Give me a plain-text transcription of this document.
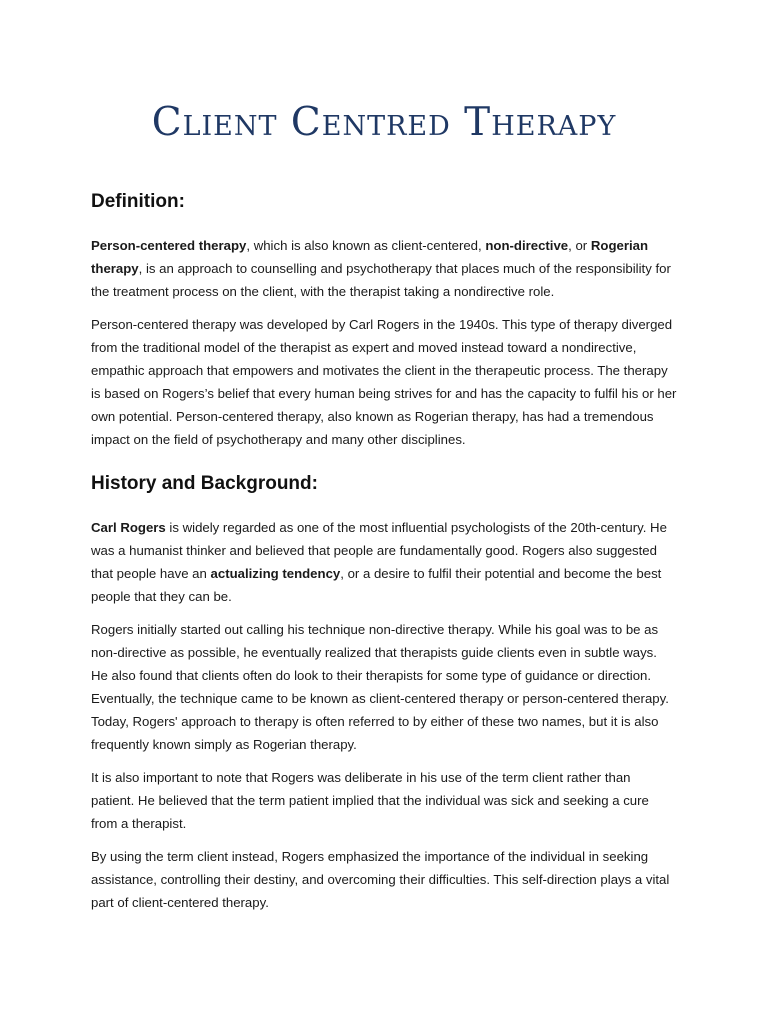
Client Centred Therapy
Definition:

Person-centered therapy, which is also known as client-centered, non-directive, or Rogerian therapy, is an approach to counselling and psychotherapy that places much of the responsibility for the treatment process on the client, with the therapist taking a nondirective role.

Person-centered therapy was developed by Carl Rogers in the 1940s. This type of therapy diverged from the traditional model of the therapist as expert and moved instead toward a nondirective, empathic approach that empowers and motivates the client in the therapeutic process. The therapy is based on Rogers’s belief that every human being strives for and has the capacity to fulfil his or her own potential. Person-centered therapy, also known as Rogerian therapy, has had a tremendous impact on the field of psychotherapy and many other disciplines.

History and Background:

Carl Rogers is widely regarded as one of the most influential psychologists of the 20th-century. He was a humanist thinker and believed that people are fundamentally good. Rogers also suggested that people have an actualizing tendency, or a desire to fulfil their potential and become the best people that they can be.

Rogers initially started out calling his technique non-directive therapy. While his goal was to be as non-directive as possible, he eventually realized that therapists guide clients even in subtle ways. He also found that clients often do look to their therapists for some type of guidance or direction. Eventually, the technique came to be known as client-centered therapy or person-centered therapy. Today, Rogers' approach to therapy is often referred to by either of these two names, but it is also frequently known simply as Rogerian therapy.

It is also important to note that Rogers was deliberate in his use of the term client rather than patient. He believed that the term patient implied that the individual was sick and seeking a cure from a therapist.

By using the term client instead, Rogers emphasized the importance of the individual in seeking assistance, controlling their destiny, and overcoming their difficulties. This self-direction plays a vital part of client-centered therapy.
